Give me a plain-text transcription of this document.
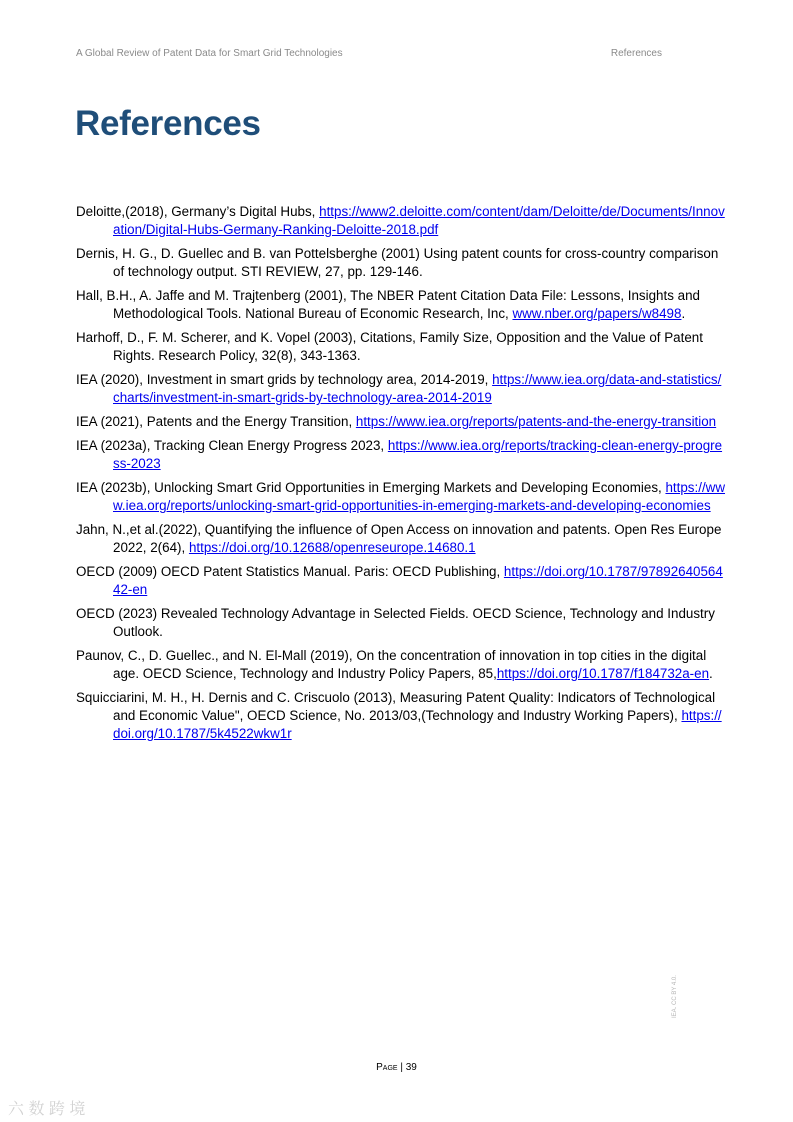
A Global Review of Patent Data for Smart Grid Technologies	References
References
Deloitte,(2018), Germany’s Digital Hubs, https://www2.deloitte.com/content/dam/Deloitte/de/Documents/Innovation/Digital-Hubs-Germany-Ranking-Deloitte-2018.pdf
Dernis, H. G., D. Guellec and B. van Pottelsberghe (2001) Using patent counts for cross-country comparison of technology output. STI REVIEW, 27, pp. 129-146.
Hall, B.H., A. Jaffe and M. Trajtenberg (2001), The NBER Patent Citation Data File: Lessons, Insights and Methodological Tools. National Bureau of Economic Research, Inc, www.nber.org/papers/w8498.
Harhoff, D., F. M. Scherer, and K. Vopel (2003), Citations, Family Size, Opposition and the Value of Patent Rights. Research Policy, 32(8), 343-1363.
IEA (2020), Investment in smart grids by technology area, 2014-2019, https://www.iea.org/data-and-statistics/charts/investment-in-smart-grids-by-technology-area-2014-2019
IEA (2021), Patents and the Energy Transition, https://www.iea.org/reports/patents-and-the-energy-transition
IEA (2023a), Tracking Clean Energy Progress 2023, https://www.iea.org/reports/tracking-clean-energy-progress-2023
IEA (2023b), Unlocking Smart Grid Opportunities in Emerging Markets and Developing Economies, https://www.iea.org/reports/unlocking-smart-grid-opportunities-in-emerging-markets-and-developing-economies
Jahn, N.,et al.(2022), Quantifying the influence of Open Access on innovation and patents. Open Res Europe 2022, 2(64), https://doi.org/10.12688/openreseurope.14680.1
OECD (2009) OECD Patent Statistics Manual. Paris: OECD Publishing, https://doi.org/10.1787/9789264056442-en
OECD (2023) Revealed Technology Advantage in Selected Fields. OECD Science, Technology and Industry Outlook.
Paunov, C., D. Guellec., and N. El-Mall (2019), On the concentration of innovation in top cities in the digital age. OECD Science, Technology and Industry Policy Papers, 85,https://doi.org/10.1787/f184732a-en.
Squicciarini, M. H., H. Dernis and C. Criscuolo (2013), Measuring Patent Quality: Indicators of Technological and Economic Value", OECD Science, No. 2013/03,(Technology and Industry Working Papers), https://doi.org/10.1787/5k4522wkw1r
Page | 39
IEA. CC BY 4.0.
六 数 跨 境
